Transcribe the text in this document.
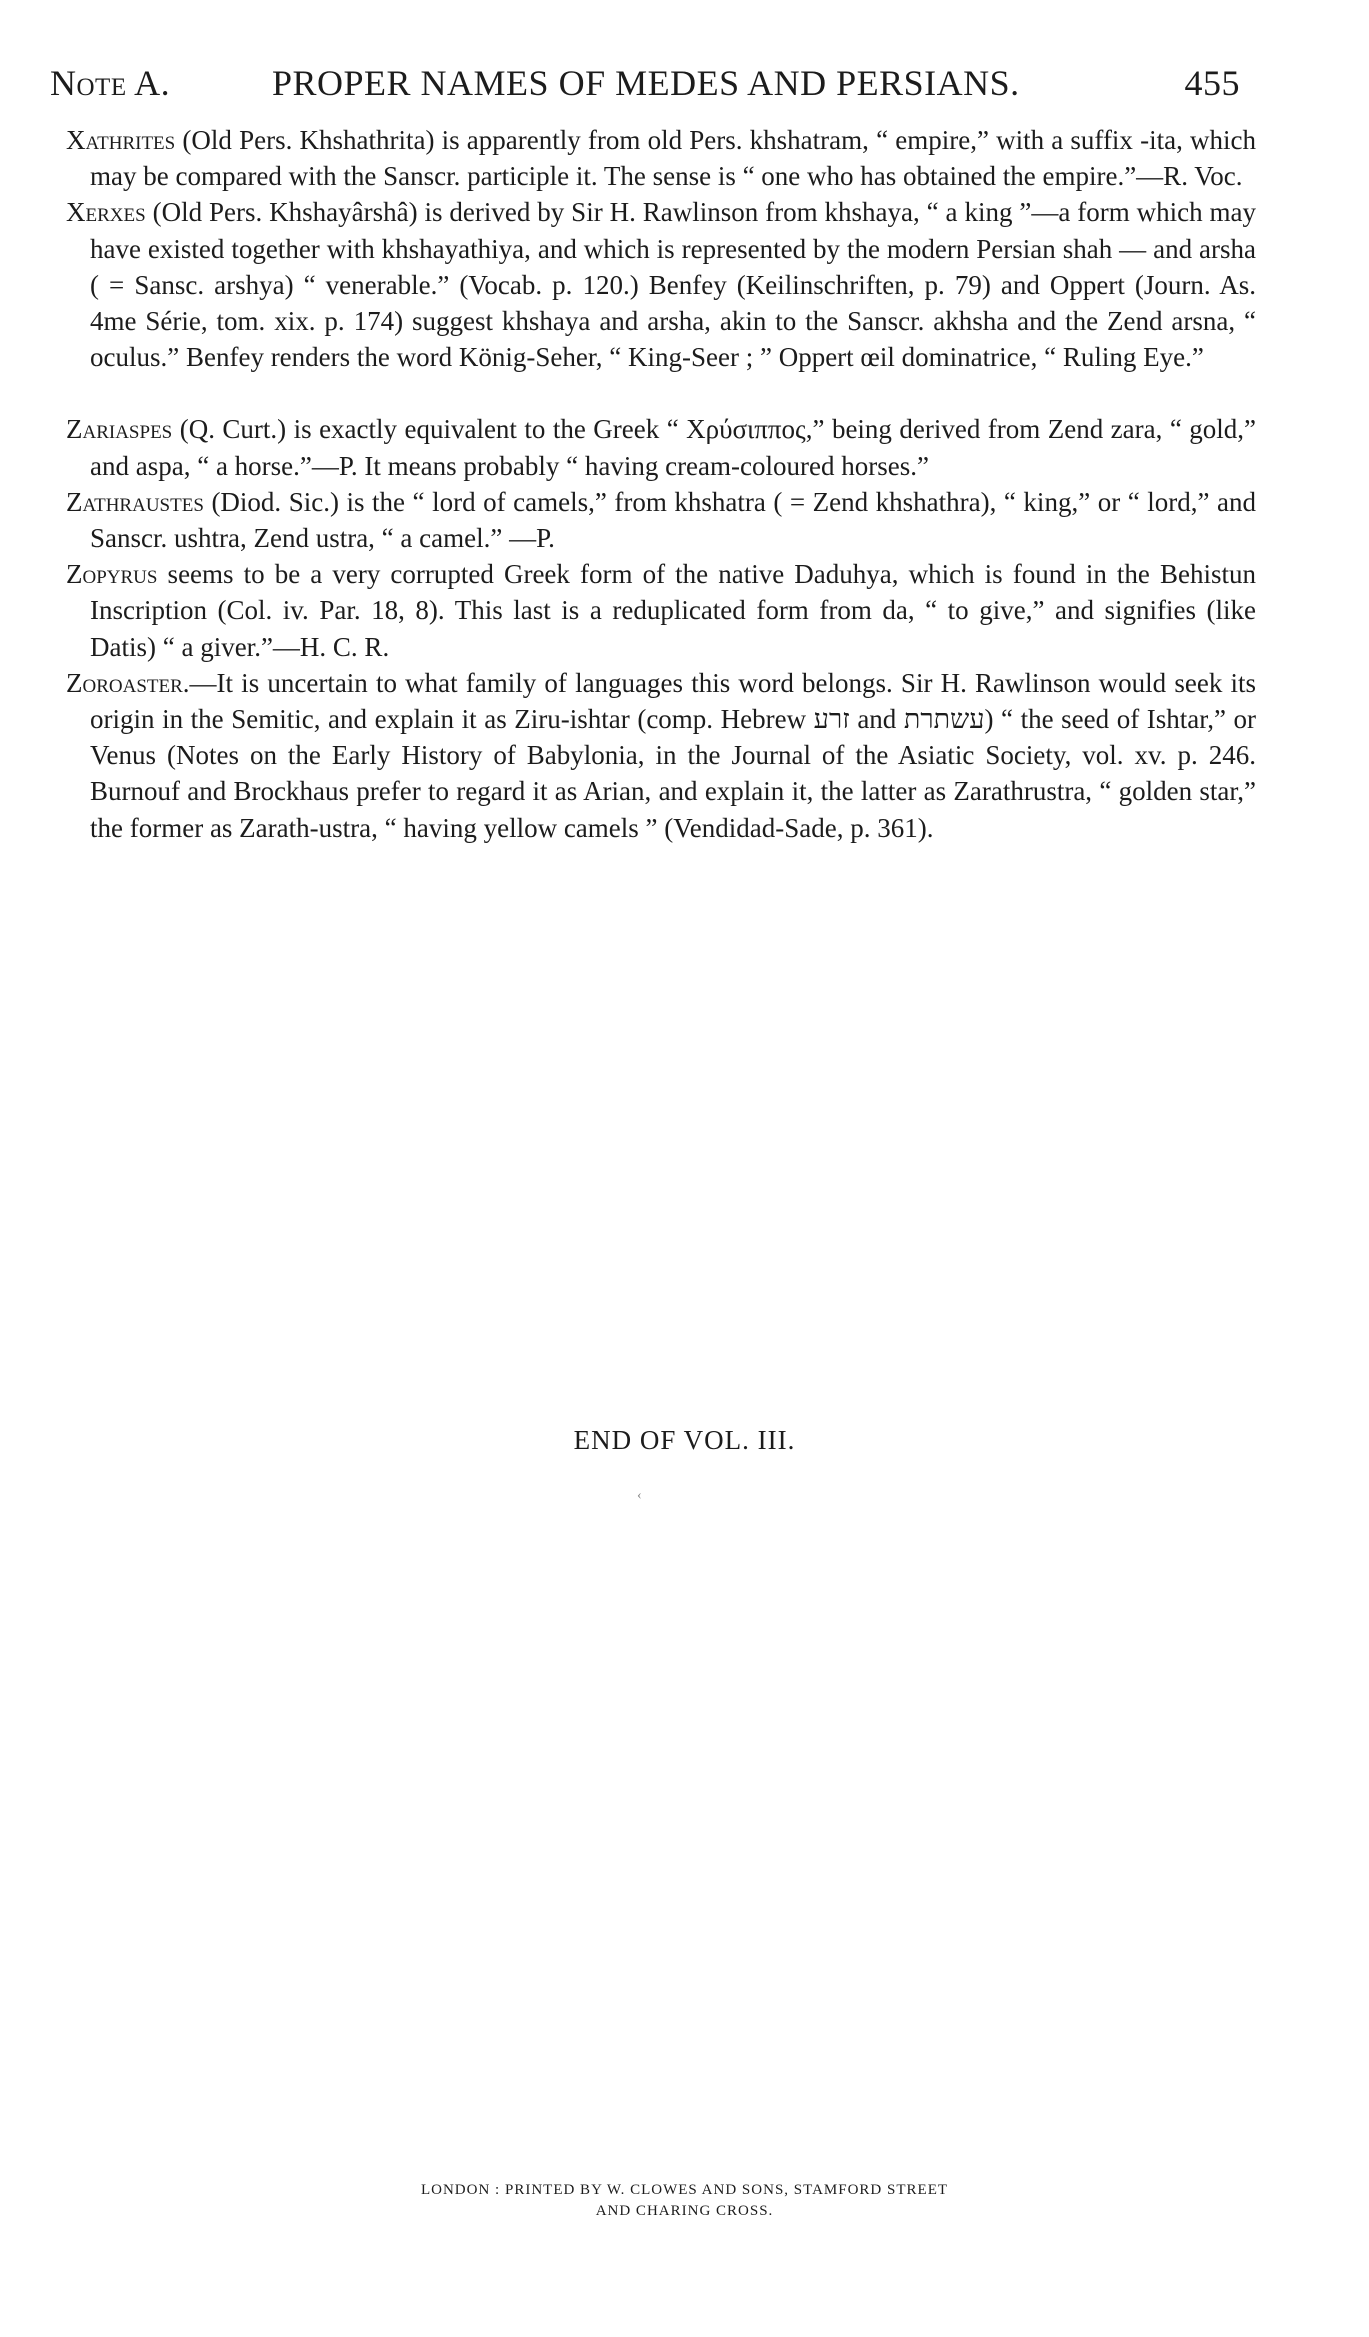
Note A.	PROPER NAMES OF MEDES AND PERSIANS.	455

Xathrites (Old Pers. Khshathrita) is apparently from old Pers. khshatram, “ empire,” with a suffix -ita, which may be compared with the Sanscr. participle it. The sense is “ one who has obtained the empire.”—R. Voc.

Xerxes (Old Pers. Khshayârshâ) is derived by Sir H. Rawlinson from khshaya, “ a king ”—a form which may have existed together with khshayathiya, and which is represented by the modern Persian shah — and arsha ( = Sansc. arshya) “ venerable.” (Vocab. p. 120.) Benfey (Keilinschriften, p. 79) and Oppert (Journ. As. 4me Série, tom. xix. p. 174) suggest khshaya and arsha, akin to the Sanscr. akhsha and the Zend arsna, “ oculus.” Benfey renders the word König-Seher, “ King-Seer ; ” Oppert œil dominatrice, “ Ruling Eye.”

Zariaspes (Q. Curt.) is exactly equivalent to the Greek “ Χρύσιππος,” being derived from Zend zara, “ gold,” and aspa, “ a horse.”—P. It means probably “ having cream-coloured horses.”

Zathraustes (Diod. Sic.) is the “ lord of camels,” from khshatra ( = Zend khshathra), “ king,” or “ lord,” and Sanscr. ushtra, Zend ustra, “ a camel.” —P.

Zopyrus seems to be a very corrupted Greek form of the native Daduhya, which is found in the Behistun Inscription (Col. iv. Par. 18, 8). This last is a reduplicated form from da, “ to give,” and signifies (like Datis) “ a giver.”—H. C. R.

Zoroaster.—It is uncertain to what family of languages this word belongs. Sir H. Rawlinson would seek its origin in the Semitic, and explain it as Ziru-ishtar (comp. Hebrew זרע and עשתרת) “ the seed of Ishtar,” or Venus (Notes on the Early History of Babylonia, in the Journal of the Asiatic Society, vol. xv. p. 246. Burnouf and Brockhaus prefer to regard it as Arian, and explain it, the latter as Zarathrustra, “ golden star,” the former as Zarath-ustra, “ having yellow camels ” (Vendidad-Sade, p. 361).

END OF VOL. III.
‹
LONDON : PRINTED BY W. CLOWES AND SONS, STAMFORD STREET
AND CHARING CROSS.
